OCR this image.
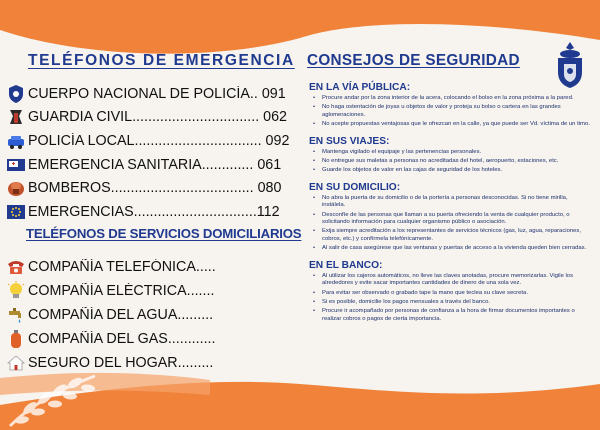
TELÉFONOS DE EMERGENCIA
CUERPO NACIONAL DE POLICÍA.. 091
GUARDIA CIVIL................................ 062
POLICÍA LOCAL................................ 092
EMERGENCIA SANITARIA............. 061
BOMBEROS.................................... 080
EMERGENCIAS...............................112
TELÉFONOS DE SERVICIOS DOMICILIARIOS
COMPAÑÍA TELEFÓNICA.....
COMPAÑÍA ELÉCTRICA.......
COMPAÑÍA DEL AGUA.........
COMPAÑÍA DEL GAS............
SEGURO DEL HOGAR.........
CONSEJOS DE SEGURIDAD
EN LA VÍA PÚBLICA:
• Procure andar por la zona interior de la acera, colocando el bolso en la zona próxima a la pared.
• No haga ostentación de joyas u objetos de valor y proteja su bolso o cartera en las grandes aglomeraciones.
• No acepte propuestas ventajosas que le ofrezcan en la calle, ya que puede ser Vd. víctima de un timo.
EN SUS VIAJES:
• Mantenga vigilado el equipaje y las pertenencias personales.
• No entregue sus maletas a personas no acreditadas del hotel, aeropuerto, estaciones, etc.
• Guarde los objetos de valor en las cajas de seguridad de los hoteles.
EN SU DOMICILIO:
• No abra la puerta de su domicilio o de la portería a personas desconocidas. Si no tiene mirilla, instálela.
• Desconfíe de las personas que llaman a su puerta ofreciendo la venta de cualquier producto, o solicitando información para cualquier organismo público o asociación.
• Exija siempre acreditación a los representantes de servicios técnicos (gas, luz, agua, reparaciones, cobros, etc.) y confírmela telefónicamente.
• Al salir de casa asegúrese que las ventanas y puertas de acceso a la vivienda queden bien cerradas.
EN EL BANCO:
• Al utilizar los cajeros automáticos, no lleve las claves anotadas, procure memorizarlas. Vigile los alrededores y evite sacar importantes cantidades de dinero de una sola vez.
• Para evitar ser observado o grabado tape la mano que teclea su clave secreta.
• Si es posible, domicilie los pagos mensuales a través del banco.
• Procure ir acompañado por personas de confianza a la hora de firmar documentos importantes o realizar cobros o pagos de cierta importancia.
